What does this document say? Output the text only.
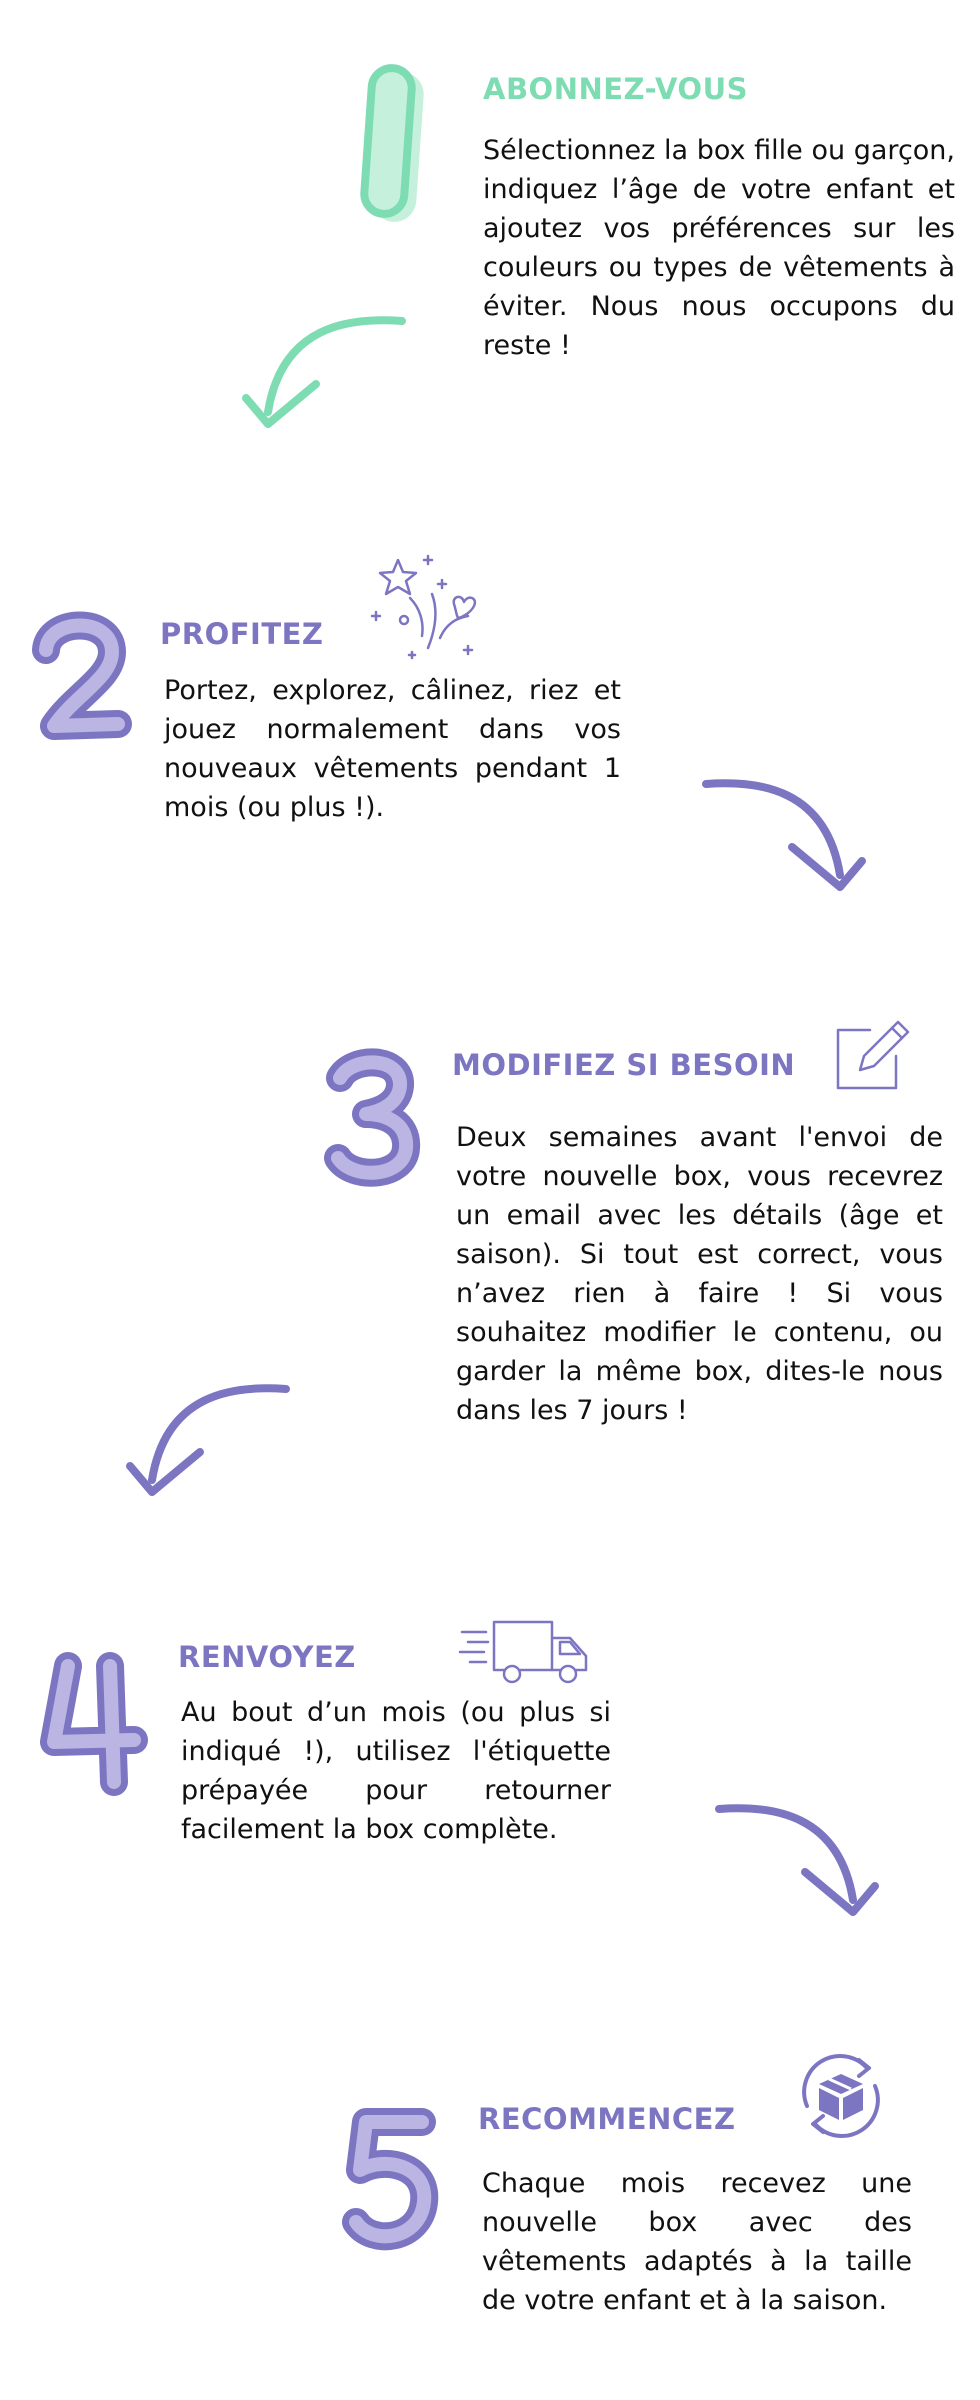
ABONNEZ-VOUS
Sélectionnez la box fille ou garçon, indiquez l’âge de votre enfant et ajoutez vos préférences sur les couleurs ou types de vêtements à éviter. Nous nous occupons du reste !
PROFITEZ
Portez, explorez, câlinez, riez et jouez normalement dans vos nouveaux vêtements pendant 1 mois (ou plus !).
MODIFIEZ SI BESOIN
Deux semaines avant l'envoi de votre nouvelle box, vous recevrez un email avec les détails (âge et saison). Si tout est correct, vous n’avez rien à faire ! Si vous souhaitez modifier le contenu, ou garder la même box, dites-le nous dans les 7 jours !
RENVOYEZ
Au bout d’un mois (ou plus si indiqué !), utilisez l'étiquette prépayée pour retourner facilement la box complète.
RECOMMENCEZ
Chaque mois recevez une nouvelle box avec des vêtements adaptés à la taille de votre enfant et à la saison.
